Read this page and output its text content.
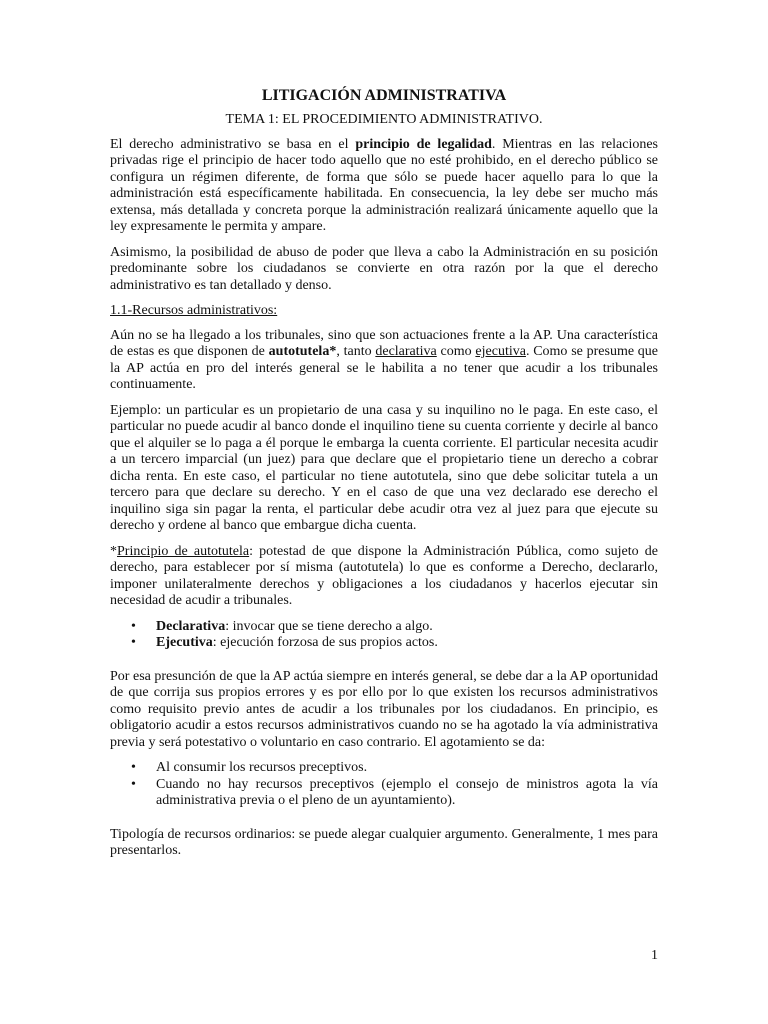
LITIGACIÓN ADMINISTRATIVA
TEMA 1: EL PROCEDIMIENTO ADMINISTRATIVO.

El derecho administrativo se basa en el principio de legalidad. Mientras en las relaciones privadas rige el principio de hacer todo aquello que no esté prohibido, en el derecho público se configura un régimen diferente, de forma que sólo se puede hacer aquello para lo que la administración está específicamente habilitada. En consecuencia, la ley debe ser mucho más extensa, más detallada y concreta porque la administración realizará únicamente aquello que la ley expresamente le permita y ampare.

Asimismo, la posibilidad de abuso de poder que lleva a cabo la Administración en su posición predominante sobre los ciudadanos se convierte en otra razón por la que el derecho administrativo es tan detallado y denso.

1.1-Recursos administrativos:

Aún no se ha llegado a los tribunales, sino que son actuaciones frente a la AP. Una característica de estas es que disponen de autotutela*, tanto declarativa como ejecutiva. Como se presume que la AP actúa en pro del interés general se le habilita a no tener que acudir a los tribunales continuamente.

Ejemplo: un particular es un propietario de una casa y su inquilino no le paga. En este caso, el particular no puede acudir al banco donde el inquilino tiene su cuenta corriente y decirle al banco que el alquiler se lo paga a él porque le embarga la cuenta corriente. El particular necesita acudir a un tercero imparcial (un juez) para que declare que el propietario tiene un derecho a cobrar dicha renta. En este caso, el particular no tiene autotutela, sino que debe solicitar tutela a un tercero para que declare su derecho. Y en el caso de que una vez declarado ese derecho el inquilino siga sin pagar la renta, el particular debe acudir otra vez al juez para que ejecute su derecho y ordene al banco que embargue dicha cuenta.

*Principio de autotutela: potestad de que dispone la Administración Pública, como sujeto de derecho, para establecer por sí misma (autotutela) lo que es conforme a Derecho, declararlo, imponer unilateralmente derechos y obligaciones a los ciudadanos y hacerlos ejecutar sin necesidad de acudir a tribunales.

• Declarativa: invocar que se tiene derecho a algo.
• Ejecutiva: ejecución forzosa de sus propios actos.

Por esa presunción de que la AP actúa siempre en interés general, se debe dar a la AP oportunidad de que corrija sus propios errores y es por ello por lo que existen los recursos administrativos como requisito previo antes de acudir a los tribunales por los ciudadanos. En principio, es obligatorio acudir a estos recursos administrativos cuando no se ha agotado la vía administrativa previa y será potestativo o voluntario en caso contrario. El agotamiento se da:

• Al consumir los recursos preceptivos.
• Cuando no hay recursos preceptivos (ejemplo el consejo de ministros agota la vía administrativa previa o el pleno de un ayuntamiento).

Tipología de recursos ordinarios: se puede alegar cualquier argumento. Generalmente, 1 mes para presentarlos.

1
